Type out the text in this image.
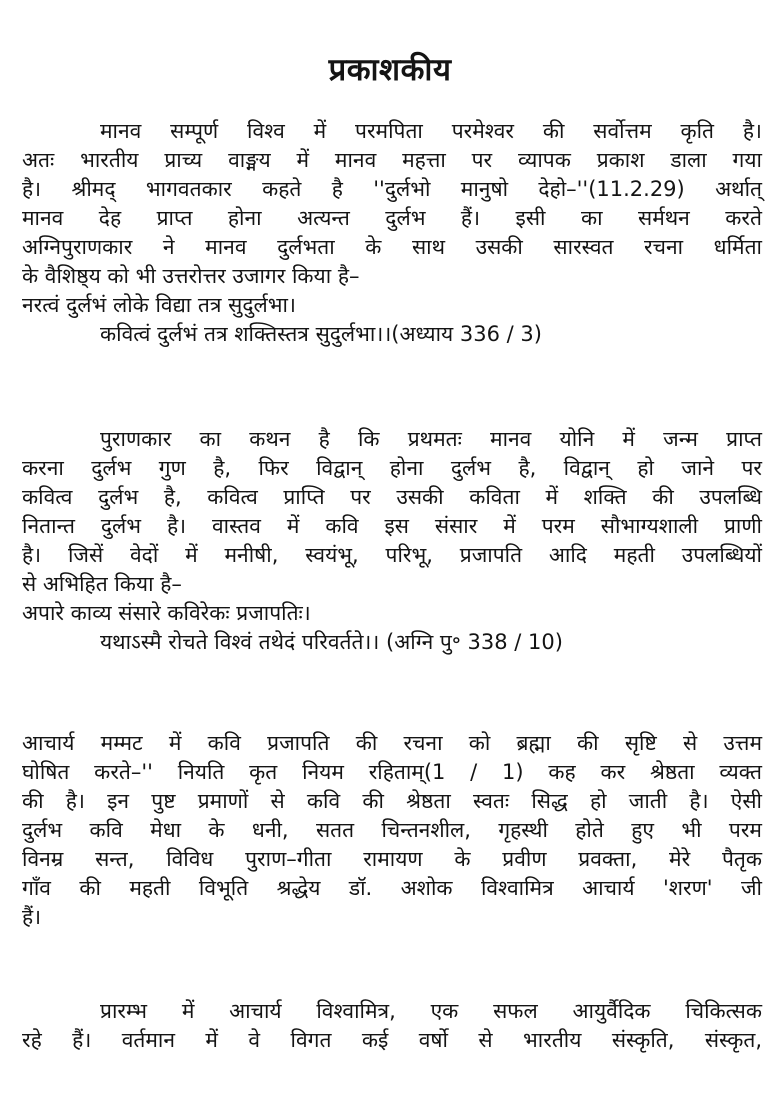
प्रकाशकीय
मानव सम्पूर्ण विश्व में परमपिता परमेश्वर की सर्वोत्तम कृति है।
अतः भारतीय प्राच्य वाङ्मय में मानव महत्ता पर व्यापक प्रकाश डाला गया
है। श्रीमद् भागवतकार कहते है ''दुर्लभो मानुषो देहो–''(11.2.29) अर्थात्
मानव देह प्राप्त होना अत्यन्त दुर्लभ हैं। इसी का सर्मथन करते
अग्निपुराणकार ने मानव दुर्लभता के साथ उसकी सारस्वत रचना धर्मिता
के वैशिष्ठ्य को भी उत्तरोत्तर उजागर किया है–
नरत्वं दुर्लभं लोके विद्या तत्र सुदुर्लभा।
कवित्वं दुर्लभं तत्र शक्तिस्तत्र सुदुर्लभा।।(अध्याय 336 / 3)
पुराणकार का कथन है कि प्रथमतः मानव योनि में जन्म प्राप्त
करना दुर्लभ गुण है, फिर विद्वान् होना दुर्लभ है, विद्वान् हो जाने पर
कवित्व दुर्लभ है, कवित्व प्राप्ति पर उसकी कविता में शक्ति की उपलब्धि
नितान्त दुर्लभ है। वास्तव में कवि इस संसार में परम सौभाग्यशाली प्राणी
है। जिसें वेदों में मनीषी, स्वयंभू, परिभू, प्रजापति आदि महती उपलब्धियों
से अभिहित किया है–
अपारे काव्य संसारे कविरेकः प्रजापतिः।
यथाऽस्मै रोचते विश्वं तथेदं परिवर्तते।। (अग्नि पु॰ 338 / 10)
आचार्य मम्मट में कवि प्रजापति की रचना को ब्रह्मा की सृष्टि से उत्तम
घोषित करते–'' नियति कृत नियम रहिताम्(1 / 1) कह कर श्रेष्ठता व्यक्त
की है। इन पुष्ट प्रमाणों से कवि की श्रेष्ठता स्वतः सिद्ध हो जाती है। ऐसी
दुर्लभ कवि मेधा के धनी, सतत चिन्तनशील, गृहस्थी होते हुए भी परम
विनम्र सन्त, विविध पुराण–गीता रामायण के प्रवीण प्रवक्ता, मेरे पैतृक
गाँव की महती विभूति श्रद्धेय डॉ. अशोक विश्वामित्र आचार्य 'शरण' जी
हैं।
प्रारम्भ में आचार्य विश्वामित्र, एक सफल आयुर्वैदिक चिकित्सक
रहे हैं। वर्तमान में वे विगत कई वर्षो से भारतीय संस्कृति, संस्कृत,
